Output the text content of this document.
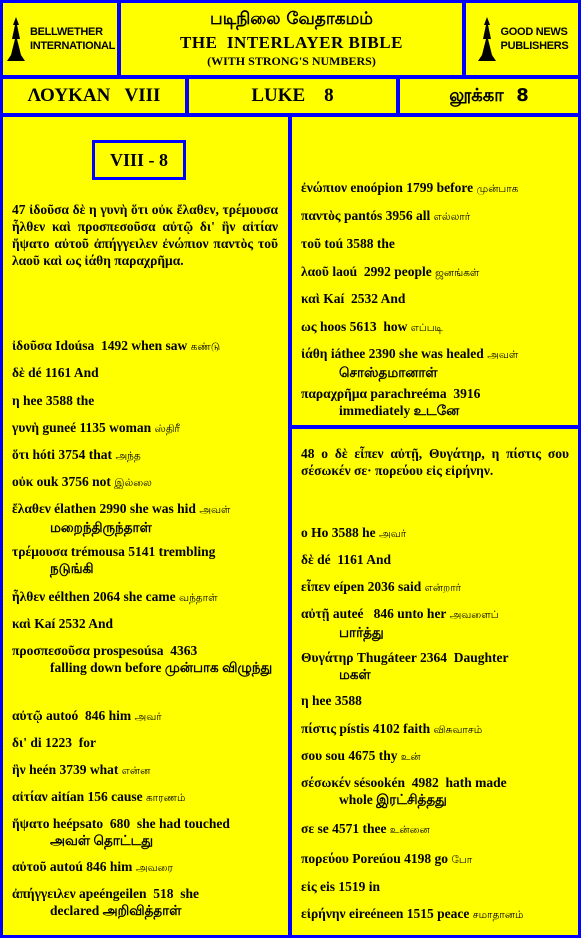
BELLWETHER
INTERNATIONAL
படிநிலை வேதாகமம்
THE  INTERLAYER BIBLE
(WITH STRONG'S NUMBERS)
GOOD NEWS
PUBLISHERS
ΛΟΥΚΑΝ   VIII	LUKE    8	லூக்கா  8
VIII - 8
47 ἰδοῦσα δὲ η γυνὴ ὅτι οὐκ ἔλαθεν, τρέμουσα ἦλθεν καὶ προσπεσοῦσα αὐτῷ δι' ἣν αἰτίαν ἥψατο αὐτοῦ ἀπήγγειλεν ἐνώπιον παντὸς τοῦ λαοῦ καὶ ως ἰάθη παραχρῆμα.
ἰδοῦσα Idoúsa  1492 when saw கண்டு
δὲ dé 1161 And
η hee 3588 the
γυνὴ guneé 1135 woman ஸ்திரீ
ὅτι hóti 3754 that அந்த
οὐκ ouk 3756 not இல்லை
ἔλαθεν élathen 2990 she was hid அவள்
மறைந்திருந்தாள்
τρέμουσα trémousa 5141 trembling
நடுங்கி
ἦλθεν eélthen 2064 she came வந்தாள்
καὶ Kaí 2532 And
προσπεσοῦσα prospesoúsa  4363
falling down before முன்பாக விழுந்து
αὐτῷ autoó  846 him அவர்
δι' di 1223  for
ἣν heén 3739 what என்ன
αἰτίαν aitían 156 cause காரணம்
ἥψατο heépsato  680  she had touched
அவள் தொட்டது
αὐτοῦ autoú 846 him அவரை
ἀπήγγειλεν apeéngeilen  518  she
declared அறிவித்தாள்
ἐνώπιον enoópion 1799 before முன்பாக
παντὸς pantós 3956 all எல்லார்
τοῦ toú 3588 the
λαοῦ laoú  2992 people ஜனங்கள்
καὶ Kaí  2532 And
ως hoos 5613  how எப்படி
ἰάθη iáthee 2390 she was healed அவள்
சொஸ்தமானாள்
παραχρῆμα parachreéma  3916
immediately உடனே
48 ο δὲ εἶπεν αὐτῇ, Θυγάτηρ, η πίστις σου σέσωκέν σε· πορεύου εἰς εἰρήνην.
ο Ho 3588 he அவர்
δὲ dé  1161 And
εἶπεν eípen 2036 said என்றார்
αὐτῇ auteé   846 unto her அவளைப்
பார்த்து
Θυγάτηρ Thugáteer 2364  Daughter
மகள்
η hee 3588
πίστις pístis 4102 faith விசுவாசம்
σου sou 4675 thy உன்
σέσωκέν sésookén  4982  hath made
whole இரட்சித்தது
σε se 4571 thee உன்னை
πορεύου Poreúou 4198 go போ
εἰς eis 1519 in
εἰρήνην eireéneen 1515 peace சமாதானம்
